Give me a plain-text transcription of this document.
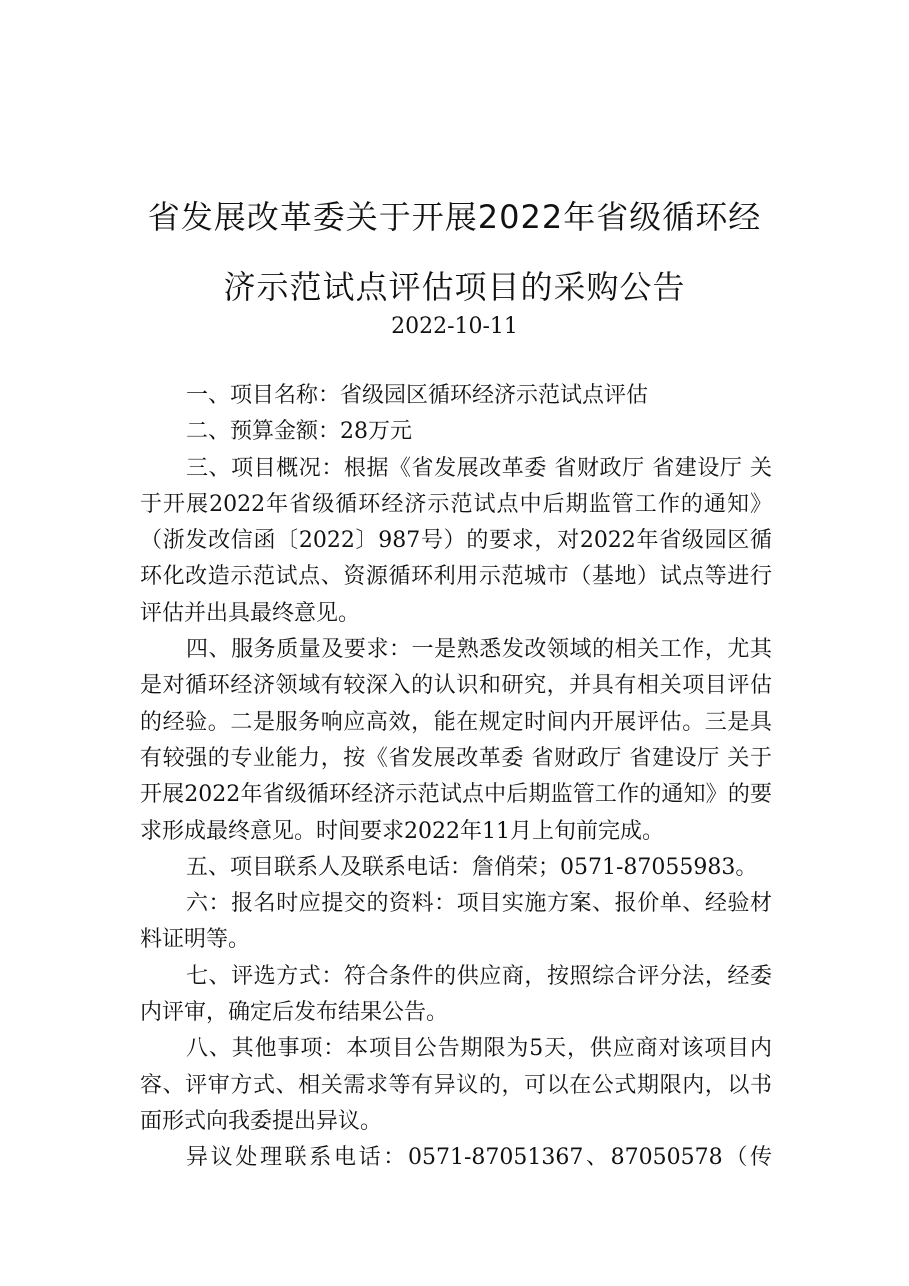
省发展改革委关于开展2022年省级循环经
济示范试点评估项目的采购公告
2022-10-11

一、项目名称：省级园区循环经济示范试点评估

二、预算金额：28万元

三、项目概况：根据《省发展改革委 省财政厅 省建设厅 关于开展2022年省级循环经济示范试点中后期监管工作的通知》（浙发改信函〔2022〕987号）的要求，对2022年省级园区循环化改造示范试点、资源循环利用示范城市（基地）试点等进行评估并出具最终意见。

四、服务质量及要求：一是熟悉发改领域的相关工作，尤其是对循环经济领域有较深入的认识和研究，并具有相关项目评估的经验。二是服务响应高效，能在规定时间内开展评估。三是具有较强的专业能力，按《省发展改革委 省财政厅 省建设厅 关于开展2022年省级循环经济示范试点中后期监管工作的通知》的要求形成最终意见。时间要求2022年11月上旬前完成。

五、项目联系人及联系电话：詹俏荣；0571-87055983。

六：报名时应提交的资料：项目实施方案、报价单、经验材料证明等。

七、评选方式：符合条件的供应商，按照综合评分法，经委内评审，确定后发布结果公告。

八、其他事项：本项目公告期限为5天，供应商对该项目内容、评审方式、相关需求等有异议的，可以在公式期限内，以书面形式向我委提出异议。

异议处理联系电话：0571-87051367、87050578（传
